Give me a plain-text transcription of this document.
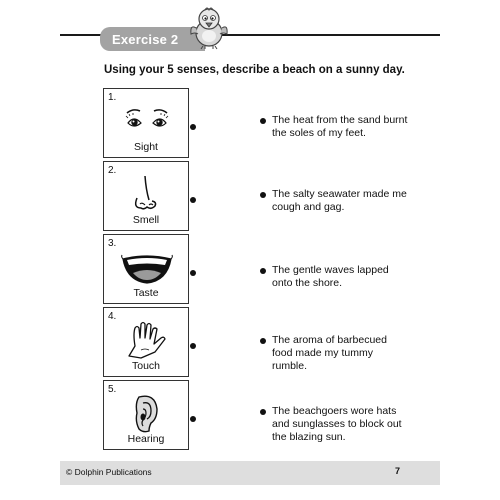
Exercise 2
Using your 5 senses, describe a beach on a sunny day.
1.
Sight
2.
Smell
3.
Taste
4.
Touch
5.
Hearing
The heat from the sand burnt the soles of my feet.
The salty seawater made me cough and gag.
The gentle waves lapped onto the shore.
The aroma of barbecued food made my tummy rumble.
The beachgoers wore hats and sunglasses to block out the blazing sun.
© Dolphin Publications	7
